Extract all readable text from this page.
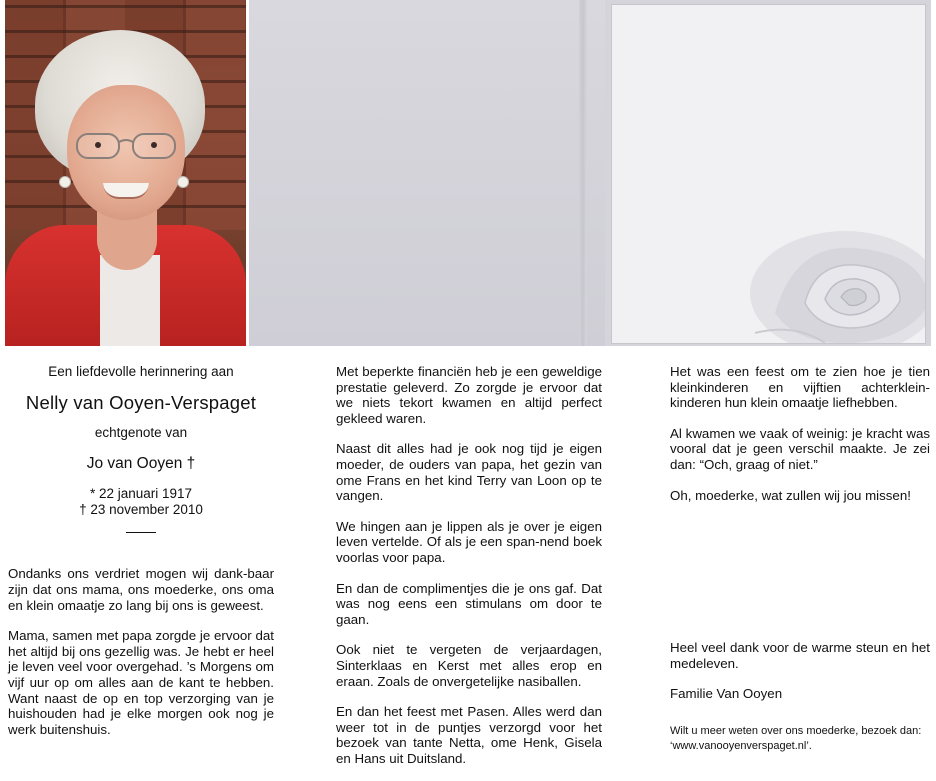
Een liefdevolle herinnering aan

Nelly van Ooyen-Verspaget

echtgenote van

Jo van Ooyen †

* 22 januari 1917
† 23 november 2010

Ondanks ons verdriet mogen wij dank-baar zijn dat ons mama, ons moederke, ons oma en klein omaatje zo lang bij ons is geweest.

Mama, samen met papa zorgde je ervoor dat het altijd bij ons gezellig was. Je hebt er heel je leven veel voor overgehad. ’s Morgens om vijf uur op om alles aan de kant te hebben. Want naast de op en top verzorging van je huishouden had je elke morgen ook nog je werk buitenshuis.

Met beperkte financiën heb je een geweldige prestatie geleverd. Zo zorgde je ervoor dat we niets tekort kwamen en altijd perfect gekleed waren.

Naast dit alles had je ook nog tijd je eigen moeder, de ouders van papa, het gezin van ome Frans en het kind Terry van Loon op te vangen.

We hingen aan je lippen als je over je eigen leven vertelde. Of als je een span-nend boek voorlas voor papa.

En dan de complimentjes die je ons gaf. Dat was nog eens een stimulans om door te gaan.

Ook niet te vergeten de verjaardagen, Sinterklaas en Kerst met alles erop en eraan. Zoals de onvergetelijke nasiballen.

En dan het feest met Pasen. Alles werd dan weer tot in de puntjes verzorgd voor het bezoek van tante Netta, ome Henk, Gisela en Hans uit Duitsland.

Het was een feest om te zien hoe je tien kleinkinderen en vijftien achterklein-kinderen hun klein omaatje liefhebben.

Al kwamen we vaak of weinig: je kracht was vooral dat je geen verschil maakte. Je zei dan: “Och, graag of niet.”

Oh, moederke, wat zullen wij jou missen!

Heel veel dank voor de warme steun en het medeleven.

Familie Van Ooyen

Wilt u meer weten over ons moederke, bezoek dan: ‘www.vanooyenverspaget.nl’.
